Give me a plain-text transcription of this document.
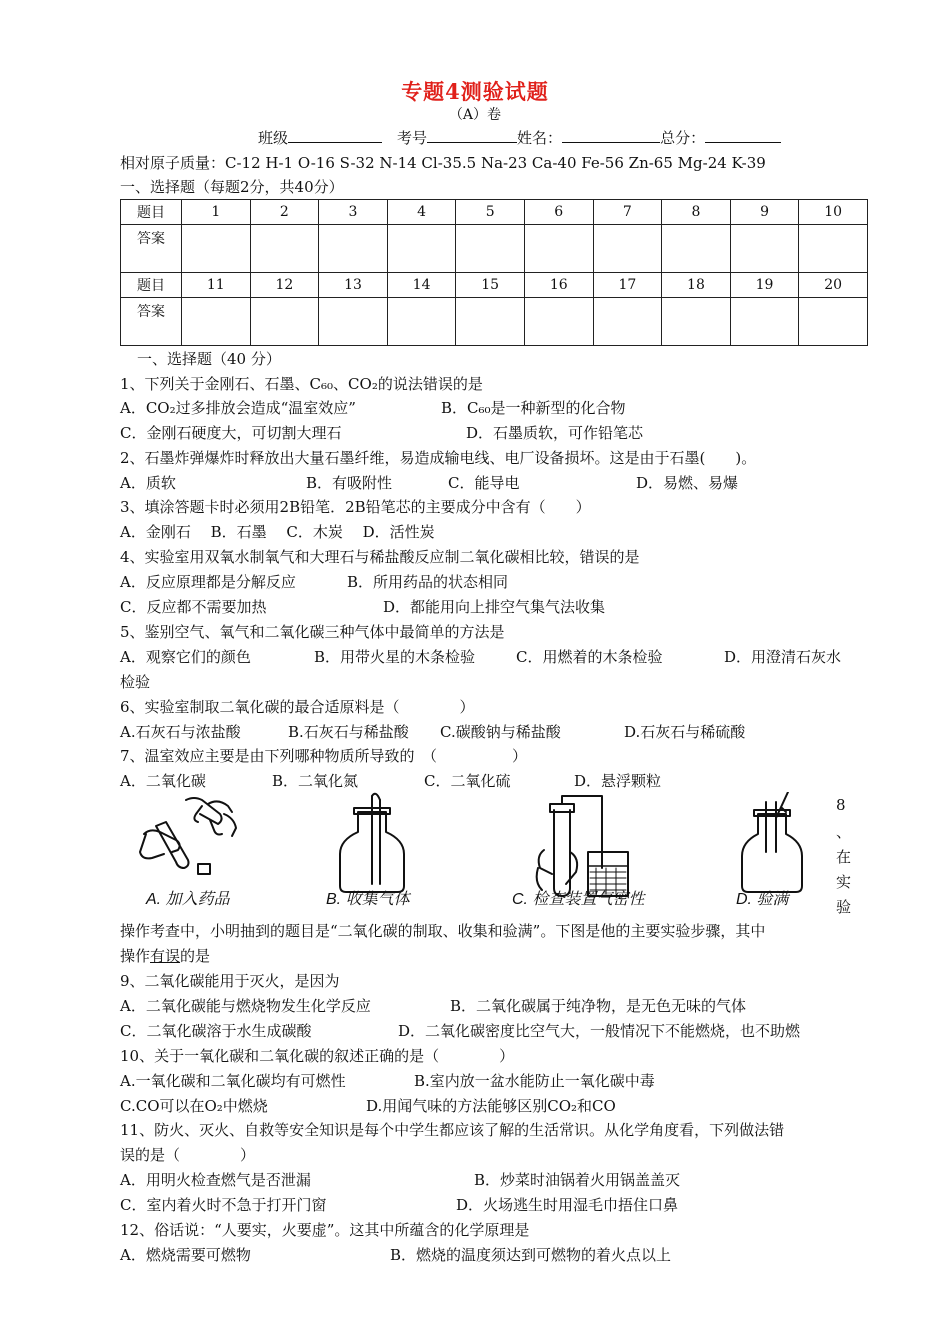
专题4测验试题
（A）卷
班级　	考号	姓名：	总分：
相对原子质量：C-12 H-1 O-16 S-32 N-14 Cl-35.5 Na-23 Ca-40 Fe-56 Zn-65 Mg-24 K-39
一、选择题（每题2分，共40分）
题目	1	2	3	4	5	6	7	8	9	10
答案										
题目	11	12	13	14	15	16	17	18	19	20
答案										
一、选择题（40 分）
1、下列关于金刚石、石墨、C₆₀、CO₂的说法错误的是
A．CO₂过多排放会造成“温室效应”	B．C₆₀是一种新型的化合物
C．金刚石硬度大，可切割大理石	D．石墨质软，可作铅笔芯
2、石墨炸弹爆炸时释放出大量石墨纤维，易造成输电线、电厂设备损坏。这是由于石墨(　　)。
A．质软	B．有吸附性	C．能导电	D．易燃、易爆
3、填涂答题卡时必须用2B铅笔．2B铅笔芯的主要成分中含有（　　）
A．金刚石　 B．石墨　 C．木炭　 D．活性炭
4、实验室用双氧水制氧气和大理石与稀盐酸反应制二氧化碳相比较，错误的是
A．反应原理都是分解反应	B．所用药品的状态相同
C．反应都不需要加热	D．都能用向上排空气集气法收集
5、鉴别空气、氧气和二氧化碳三种气体中最简单的方法是
A．观察它们的颜色	B．用带火星的木条检验	C．用燃着的木条检验	D．用澄清石灰水
检验
6、实验室制取二氧化碳的最合适原料是（　　　　）
A.石灰石与浓盐酸	B.石灰石与稀盐酸 C.碳酸钠与稀盐酸	D.石灰石与稀硫酸
7、温室效应主要是由下列哪种物质所导致的　（　　　　　）
A．二氧化碳	B．二氧化氮	C．二氧化硫	D．悬浮颗粒
8
、
在
实
验
A. 加入药品	B. 收集气体	C. 检查装置气密性	D. 验满
操作考查中，小明抽到的题目是“二氧化碳的制取、收集和验满”。下图是他的主要实验步骤，其中
操作有误的是
9、二氧化碳能用于灭火，是因为
A．二氧化碳能与燃烧物发生化学反应	B．二氧化碳属于纯净物，是无色无味的气体
C．二氧化碳溶于水生成碳酸	D．二氧化碳密度比空气大，一般情况下不能燃烧，也不助燃
10、关于一氧化碳和二氧化碳的叙述正确的是（　　　　）
A.一氧化碳和二氧化碳均有可燃性	B.室内放一盆水能防止一氧化碳中毒
C.CO可以在O₂中燃烧	D.用闻气味的方法能够区别CO₂和CO
11、防火、灭火、自救等安全知识是每个中学生都应该了解的生活常识。从化学角度看，下列做法错
误的是（　　　　）
A．用明火检查燃气是否泄漏	B．炒菜时油锅着火用锅盖盖灭
C．室内着火时不急于打开门窗	D．火场逃生时用湿毛巾捂住口鼻
12、俗话说：“人要实，火要虚”。这其中所蕴含的化学原理是
A．燃烧需要可燃物	B．燃烧的温度须达到可燃物的着火点以上
